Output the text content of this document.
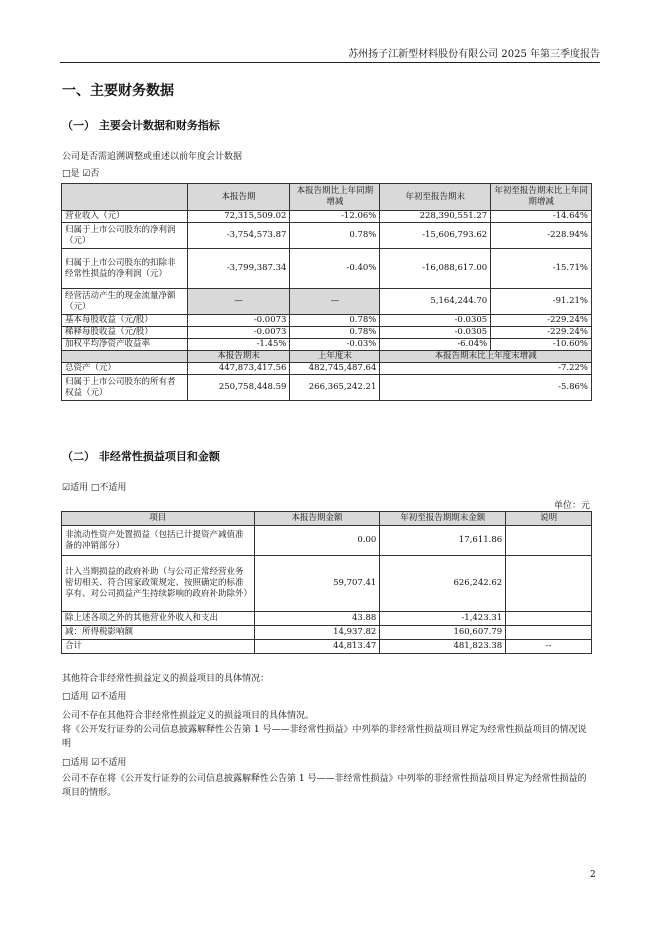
苏州扬子江新型材料股份有限公司 2025 年第三季度报告
一、主要财务数据
（一） 主要会计数据和财务指标
公司是否需追溯调整或重述以前年度会计数据
□是 ☑否
	本报告期	本报告期比上年同期增减	年初至报告期末	年初至报告期末比上年同期增减
营业收入（元）	72,315,509.02	-12.06%	228,390,551.27	-14.64%
归属于上市公司股东的净利润（元）	-3,754,573.87	0.78%	-15,606,793.62	-228.94%
归属于上市公司股东的扣除非经常性损益的净利润（元）	-3,799,387.34	-0.40%	-16,088,617.00	-15.71%
经营活动产生的现金流量净额（元）	—	—	5,164,244.70	-91.21%
基本每股收益（元/股）	-0.0073	0.78%	-0.0305	-229.24%
稀释每股收益（元/股）	-0.0073	0.78%	-0.0305	-229.24%
加权平均净资产收益率	-1.45%	-0.03%	-6.04%	-10.60%
	本报告期末	上年度末	本报告期末比上年度末增减	
总资产（元）	447,873,417.56	482,745,487.64	-7.22%	
归属于上市公司股东的所有者权益（元）	250,758,448.59	266,365,242.21	-5.86%	
（二） 非经常性损益项目和金额
☑适用 □不适用
单位：元
项目	本报告期金额	年初至报告期期末金额	说明
非流动性资产处置损益（包括已计提资产减值准备的冲销部分）	0.00	17,611.86	
计入当期损益的政府补助（与公司正常经营业务密切相关、符合国家政策规定、按照确定的标准享有、对公司损益产生持续影响的政府补助除外）	59,707.41	626,242.62	
除上述各项之外的其他营业外收入和支出	43.88	-1,423.31	
减：所得税影响额	14,937.82	160,607.79	
合计	44,813.47	481,823.38	--
其他符合非经常性损益定义的损益项目的具体情况：
□适用 ☑不适用
公司不存在其他符合非经常性损益定义的损益项目的具体情况。
将《公开发行证券的公司信息披露解释性公告第 1 号——非经常性损益》中列举的非经常性损益项目界定为经常性损益项目的情况说明
□适用 ☑不适用
公司不存在将《公开发行证券的公司信息披露解释性公告第 1 号——非经常性损益》中列举的非经常性损益项目界定为经常性损益的项目的情形。
2
